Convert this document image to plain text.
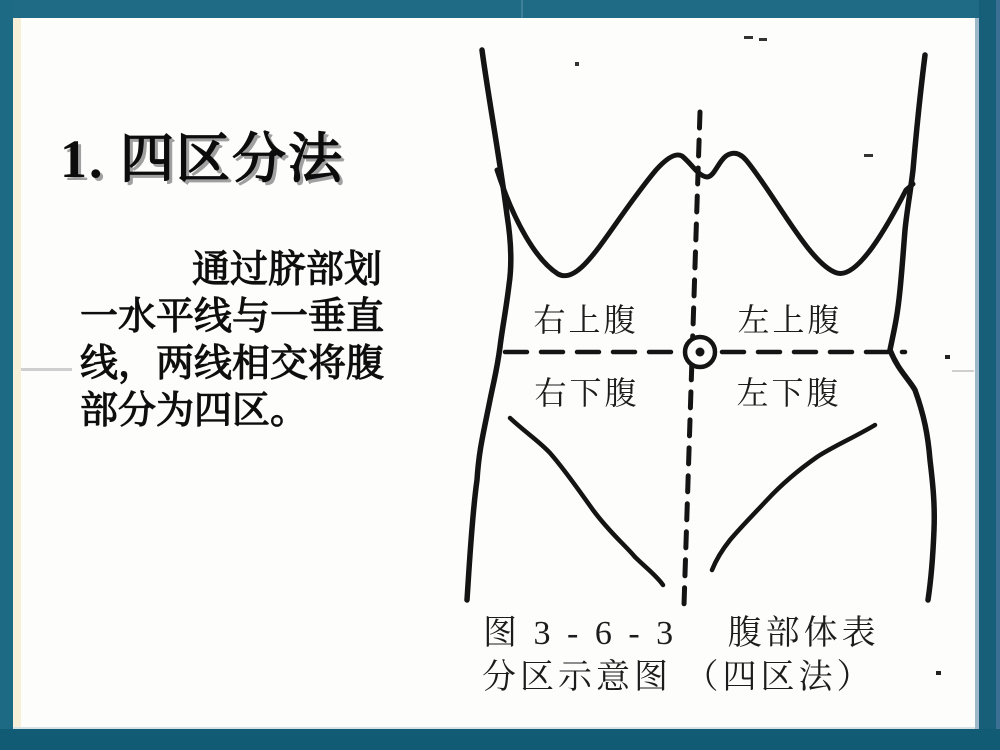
1. 四区分法
通过脐部划
一水平线与一垂直
线，两线相交将腹
部分为四区。
右上腹	左上腹
右下腹	左下腹
图 3 - 6 - 3　 腹部体表
分区示意图 （四区法）
